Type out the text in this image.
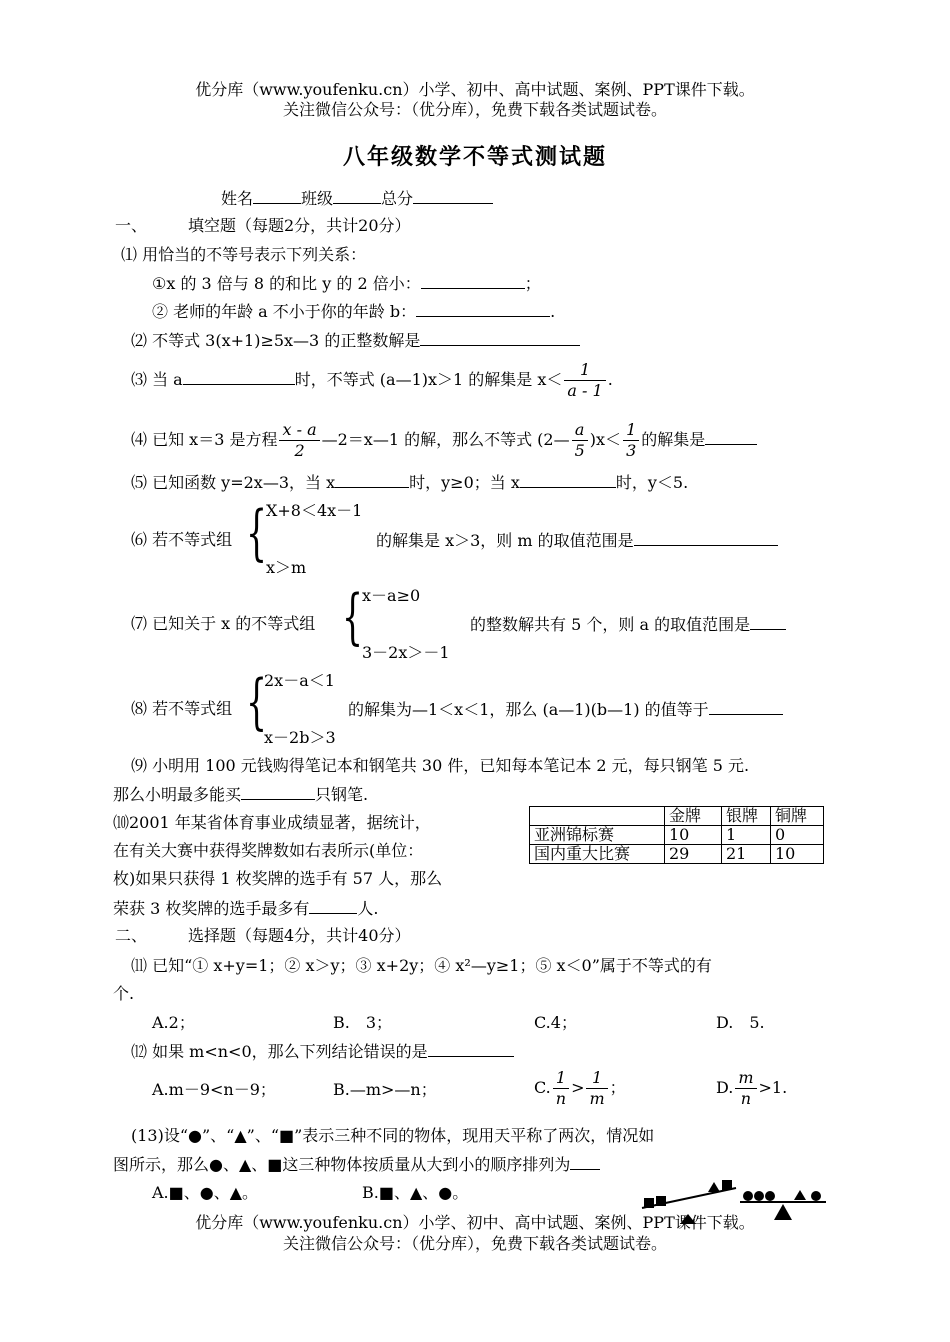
优分库（www.youfenku.cn）小学、初中、高中试题、案例、PPT课件下载。
关注微信公众号：（优分库），免费下载各类试题试卷。
八年级数学不等式测试题
姓名	班级	总分
一、	填空题（每题2分，共计20分）
⑴ 用恰当的不等号表示下列关系：
①x 的 3 倍与 8 的和比 y 的 2 倍小：	；
② 老师的年龄 a 不小于你的年龄 b：	.
⑵ 不等式 3(x+1)≥5x—3 的正整数解是
⑶ 当 a	时，不等式 (a—1)x＞1 的解集是 $x< \frac{1}{a - 1}$ .
⑷ 已知 x＝3 是方程 $\frac{x - a}{2}$ —2＝x—1 的解，那么不等式 (2— $\frac{a}{5} )x< \frac{1}{3}$ 的解集是
⑸ 已知函数 y=2x—3，当 x	时，y≥0；当 x	时，y＜5.
⑹ 若不等式组 {
X+8＜4x－1
x＞m
的解集是 x＞3，则 m 的取值范围是
⑺ 已知关于 x 的不等式组 {
x－a≥0
3－2x＞－1
的整数解共有 5 个，则 a 的取值范围是
⑻ 若不等式组 {
2x－a＜1
x－2b＞3
的解集为—1＜x＜1，那么 (a—1)(b—1) 的值等于
⑼ 小明用 100 元钱购得笔记本和钢笔共 30 件，已知每本笔记本 2 元，每只钢笔 5 元.
那么小明最多能买	只钢笔.
⑽2001 年某省体育事业成绩显著，据统计，
在有关大赛中获得奖牌数如右表所示(单位：
枚)如果只获得 1 枚奖牌的选手有 57 人，那么
荣获 3 枚奖牌的选手最多有	人.
	金牌	银牌	铜牌
亚洲锦标赛	10	1	0
国内重大比赛	29	21	10
二、	选择题（每题4分，共计40分）
⑾ 已知“① x+y=1；② x＞y；③ x+2y；④ x²—y≥1；⑤ x＜0”属于不等式的有
个.
A.2；	B.　3；	C.4；	D.　5.
⑿ 如果 m<n<0，那么下列结论错误的是
A.m－9<n－9；	B.—m>—n；	C. $\frac{1}{n} > \frac{1}{m}$ ；	D. $\frac{m}{n} >1$.
(13)设“●”、“▲”、“■”表示三种不同的物体，现用天平称了两次，情况如
图所示，那么●、▲、■这三种物体按质量从大到小的顺序排列为
A.■、●、▲。	B.■、▲、●。
优分库（www.youfenku.cn）小学、初中、高中试题、案例、PPT课件下载。
关注微信公众号：（优分库），免费下载各类试题试卷。
